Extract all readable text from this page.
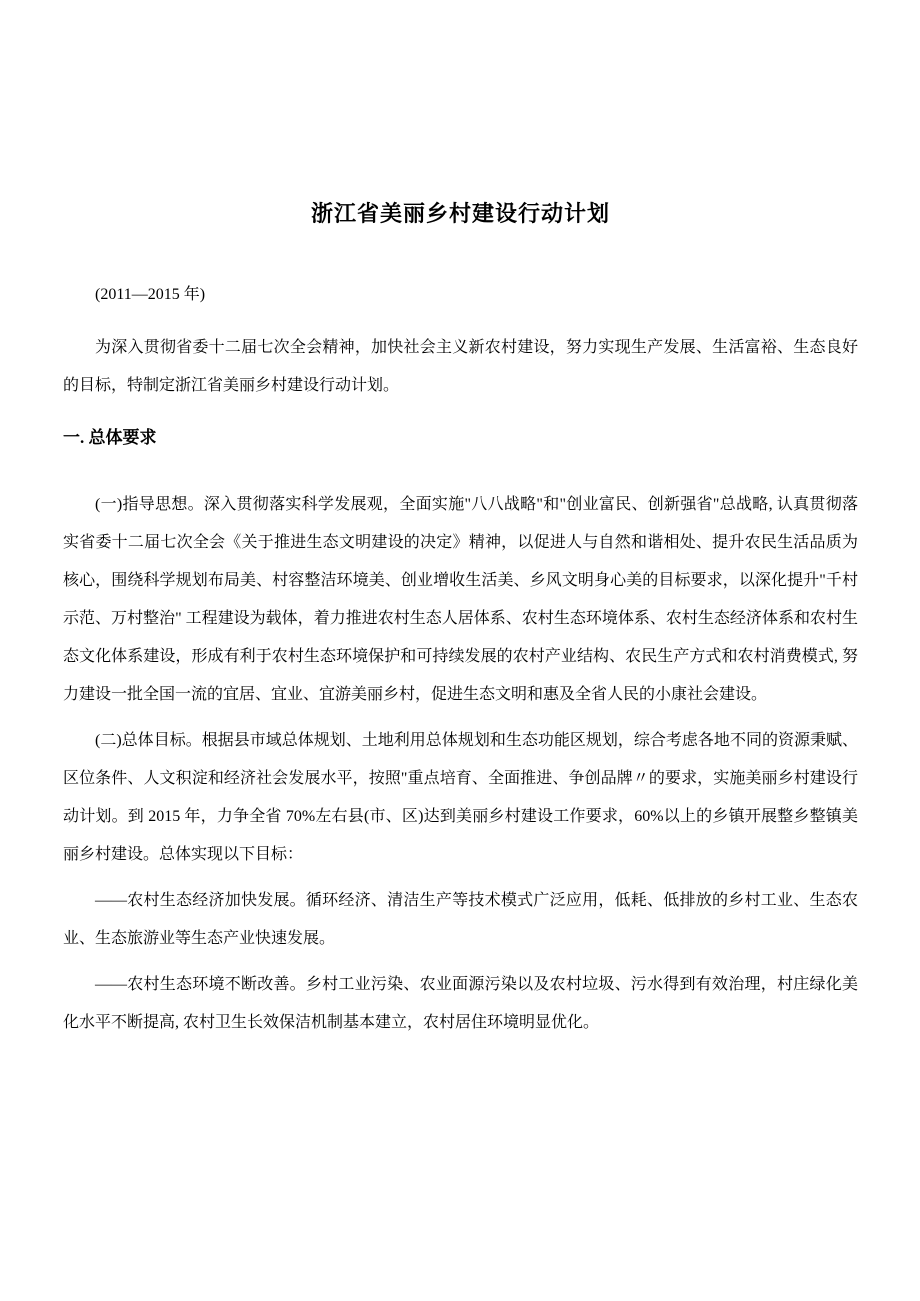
浙江省美丽乡村建设行动计划

(2011—2015 年)

为深入贯彻省委十二届七次全会精神，加快社会主义新农村建设，努力实现生产发展、生活富裕、生态良好的目标，特制定浙江省美丽乡村建设行动计划。

一. 总体要求

(一)指导思想。深入贯彻落实科学发展观，全面实施"八八战略"和"创业富民、创新强省"总战略, 认真贯彻落实省委十二届七次全会《关于推进生态文明建设的决定》精神，以促进人与自然和谐相处、提升农民生活品质为核心，围绕科学规划布局美、村容整洁环境美、创业增收生活美、乡风文明身心美的目标要求，以深化提升"千村示范、万村整治" 工程建设为载体，着力推进农村生态人居体系、农村生态环境体系、农村生态经济体系和农村生态文化体系建设，形成有利于农村生态环境保护和可持续发展的农村产业结构、农民生产方式和农村消费模式, 努力建设一批全国一流的宜居、宜业、宜游美丽乡村，促进生态文明和惠及全省人民的小康社会建设。

(二)总体目标。根据县市域总体规划、土地利用总体规划和生态功能区规划，综合考虑各地不同的资源秉赋、区位条件、人文积淀和经济社会发展水平，按照"重点培育、全面推进、争创品牌〃的要求，实施美丽乡村建设行动计划。到 2015 年，力争全省 70%左右县(市、区)达到美丽乡村建设工作要求，60%以上的乡镇开展整乡整镇美丽乡村建设。总体实现以下目标：

——农村生态经济加快发展。循环经济、清洁生产等技术模式广泛应用，低耗、低排放的乡村工业、生态农业、生态旅游业等生态产业快速发展。

——农村生态环境不断改善。乡村工业污染、农业面源污染以及农村垃圾、污水得到有效治理，村庄绿化美化水平不断提高, 农村卫生长效保洁机制基本建立，农村居住环境明显优化。
